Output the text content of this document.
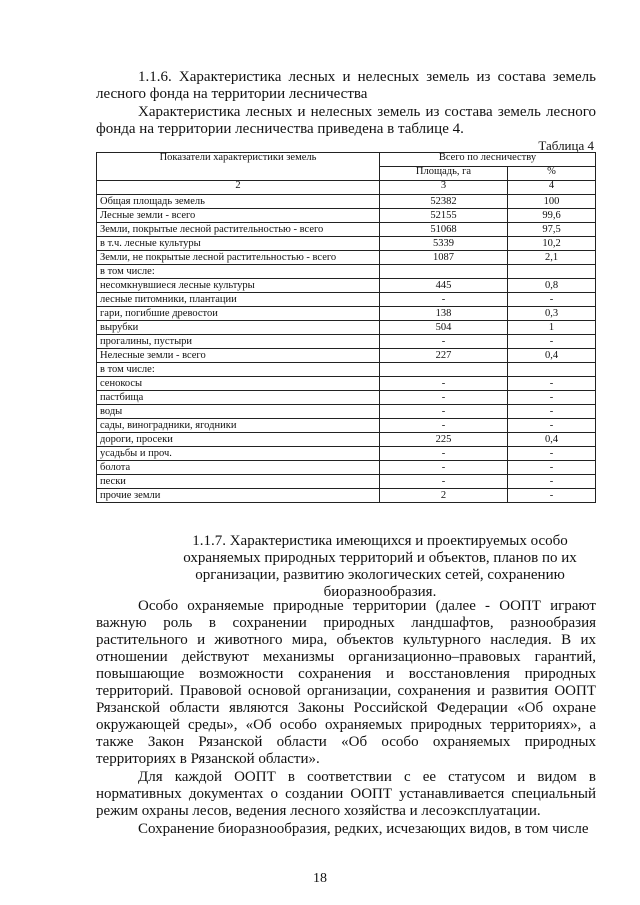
1.1.6. Характеристика лесных и нелесных земель из состава земель лесного фонда на территории лесничества

Характеристика лесных и нелесных земель из состава земель лесного фонда на территории лесничества приведена в таблице 4.

Таблица 4
Показатели характеристики земель	Всего по лесничеству	
	Площадь, га	%
2	3	4
Общая площадь земель	52382	100
Лесные земли - всего	52155	99,6
Земли, покрытые лесной растительностью - всего	51068	97,5
в т.ч. лесные культуры	5339	10,2
Земли, не покрытые лесной растительностью - всего	1087	2,1
в том числе:		
несомкнувшиеся лесные культуры	445	0,8
лесные питомники, плантации	-	-
гари, погибшие древостои	138	0,3
вырубки	504	1
прогалины, пустыри	-	-
Нелесные земли - всего	227	0,4
в том числе:		
сенокосы	-	-
пастбища	-	-
воды	-	-
сады, виноградники, ягодники	-	-
дороги, просеки	225	0,4
усадьбы и проч.	-	-
болота	-	-
пески	-	-
прочие земли	2	-

1.1.7. Характеристика имеющихся и проектируемых особо охраняемых природных территорий и объектов, планов по их организации, развитию экологических сетей, сохранению биоразнообразия.

Особо охраняемые природные территории (далее - ООПТ играют важную роль в сохранении природных ландшафтов, разнообразия растительного и животного мира, объектов культурного наследия. В их отношении действуют механизмы организационно–правовых гарантий, повышающие возможности сохранения и восстановления природных территорий. Правовой основой организации, сохранения и развития ООПТ Рязанской области являются Законы Российской Федерации «Об охране окружающей среды», «Об особо охраняемых природных территориях», а также Закон Рязанской области «Об особо охраняемых природных территориях в Рязанской области».

Для каждой ООПТ в соответствии с ее статусом и видом в нормативных документах о создании ООПТ устанавливается специальный режим охраны лесов, ведения лесного хозяйства и лесоэксплуатации.

Сохранение биоразнообразия, редких, исчезающих видов, в том числе

18
